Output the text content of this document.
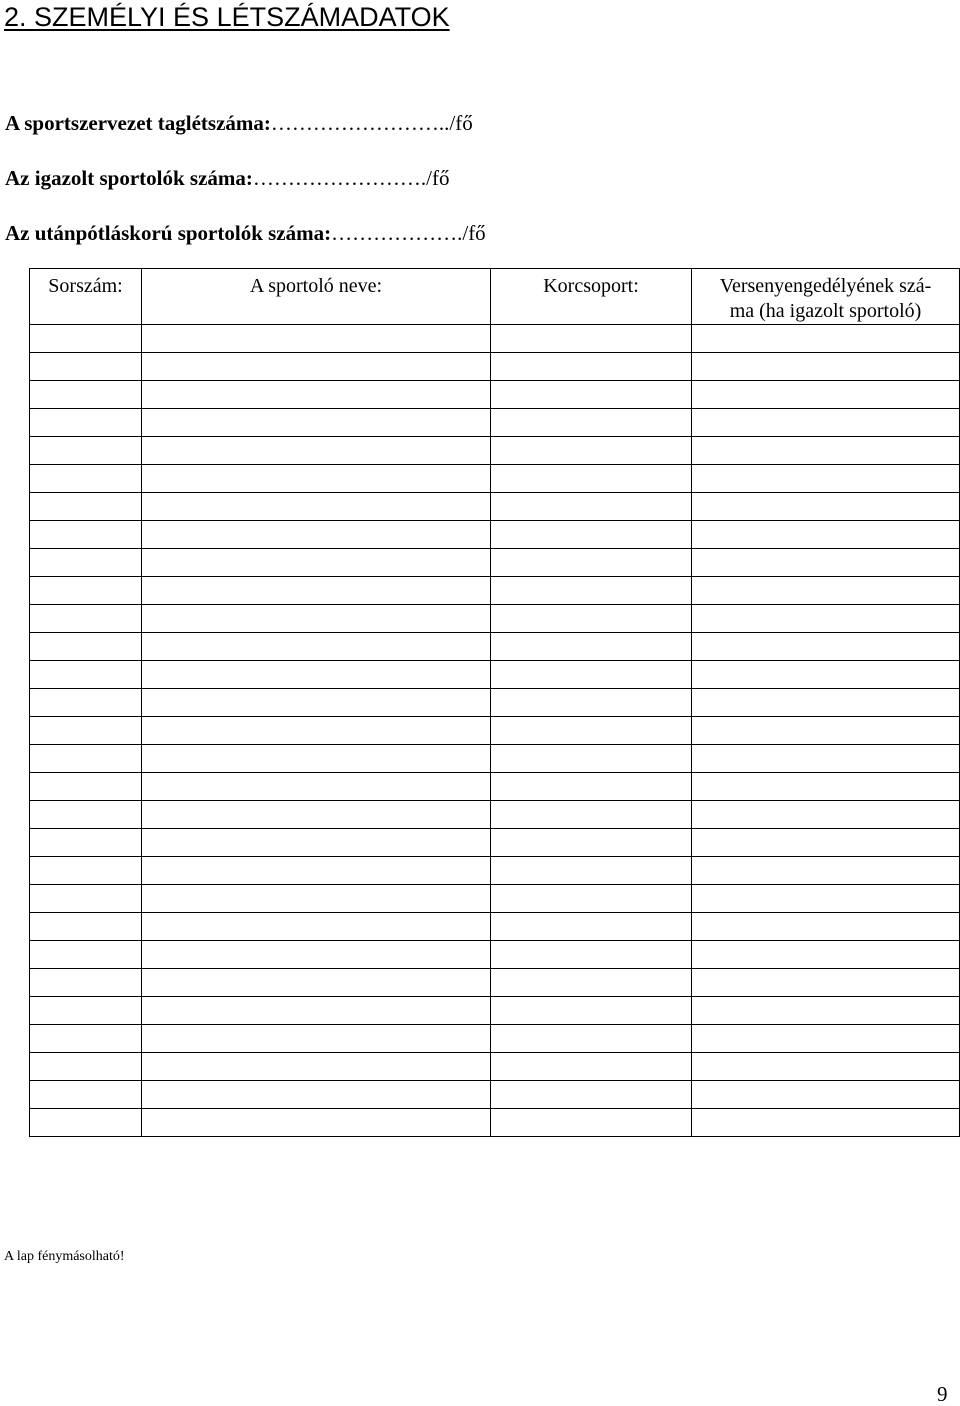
2. SZEMÉLYI ÉS LÉTSZÁMADATOK
A sportszervezet taglétszáma:……………………../fő
Az igazolt sportolók száma:……………………./fő
Az utánpótláskorú sportolók száma:………………./fő
Sorszám:	A sportoló neve:	Korcsoport:	Versenyengedélyének szá-
ma (ha igazolt sportoló)

A lap fénymásolható!
9
